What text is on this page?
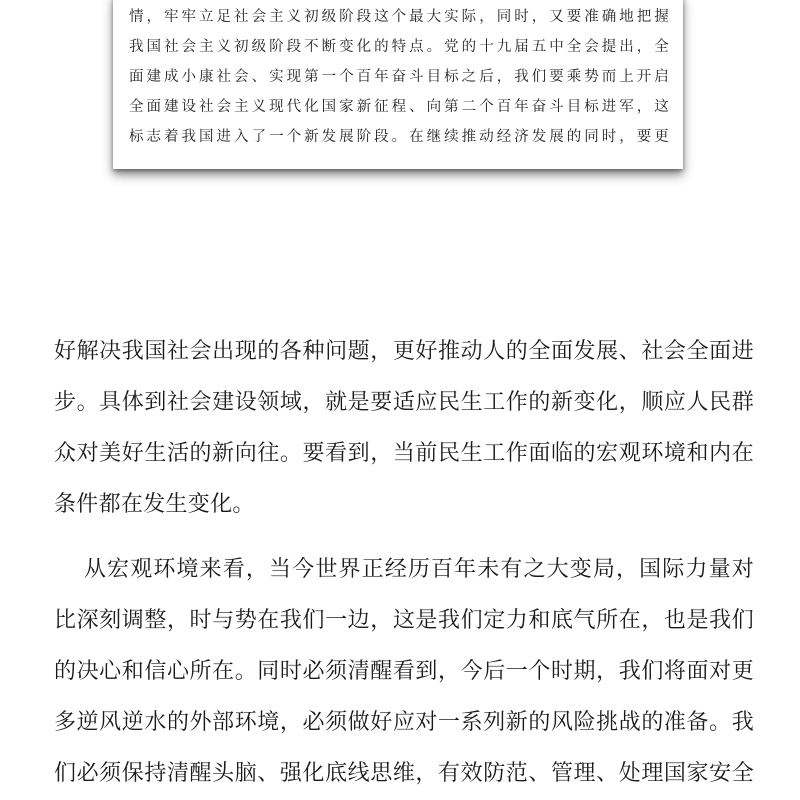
情，牢牢立足社会主义初级阶段这个最大实际，同时，又要准确地把握
我国社会主义初级阶段不断变化的特点。党的十九届五中全会提出，全
面建成小康社会、实现第一个百年奋斗目标之后，我们要乘势而上开启
全面建设社会主义现代化国家新征程、向第二个百年奋斗目标进军，这
标志着我国进入了一个新发展阶段。在继续推动经济发展的同时，要更
好解决我国社会出现的各种问题，更好推动人的全面发展、社会全面进
步。具体到社会建设领域，就是要适应民生工作的新变化，顺应人民群
众对美好生活的新向往。要看到，当前民生工作面临的宏观环境和内在
条件都在发生变化。
从宏观环境来看，当今世界正经历百年未有之大变局，国际力量对
比深刻调整，时与势在我们一边，这是我们定力和底气所在，也是我们
的决心和信心所在。同时必须清醒看到，今后一个时期，我们将面对更
多逆风逆水的外部环境，必须做好应对一系列新的风险挑战的准备。我
们必须保持清醒头脑、强化底线思维，有效防范、管理、处理国家安全
